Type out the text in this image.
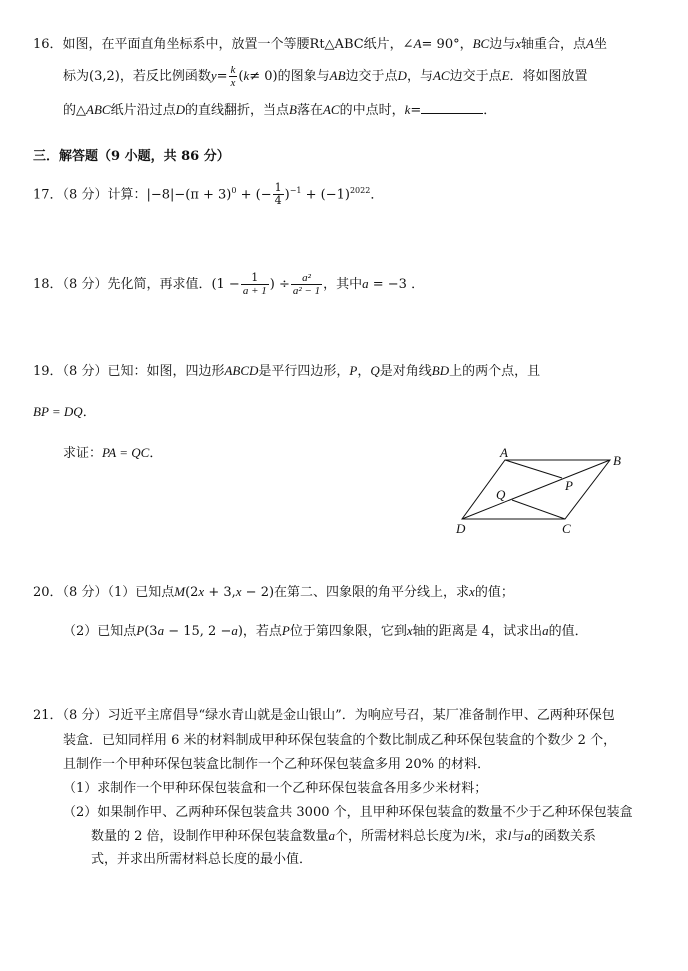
16．如图，在平面直角坐标系中，放置一个等腰Rt△ABC纸片，∠A= 90°，BC边与x轴重合，点A坐
标为(3,2)，若反比例函数$y= \frac{k}{x} (k\ne 0)$的图象与AB边交于点D，与AC边交于点E．将如图放置
的△ABC纸片沿过点D的直线翻折，当点B落在AC的中点时，k=	．
三．解答题（9 小题，共 86 分）
17．（8 分）计算：$|-8|-(\pi + 3)^0$ + (− $\frac{1}{4} )^{-1} + (-1)^{2022}$．
18．（8 分）先化简，再求值．($1 - \frac{1}{a + 1}$ ) ÷ $\frac{\text{a²}}{\text{a² − 1}}$ ，其中a = −3 ．
19．（8 分）已知：如图，四边形ABCD是平行四边形，P，Q是对角线BD上的两个点，且
BP = DQ．
求证：PA = QC．	A
B
C
D
P
Q
20．（8 分）（1）已知点M(2x + 3,x − 2)在第二、四象限的角平分线上，求x的值；
（2）已知点P(3a − 15, 2 −a)，若点P位于第四象限，它到x轴的距离是 4，试求出a的值．
21．（8 分）习近平主席倡导“绿水青山就是金山银山”．为响应号召，某厂准备制作甲、乙两种环保包
装盒．已知同样用 6 米的材料制成甲种环保包装盒的个数比制成乙种环保包装盒的个数少 2 个，
且制作一个甲种环保包装盒比制作一个乙种环保包装盒多用 20% 的材料．
（1）求制作一个甲种环保包装盒和一个乙种环保包装盒各用多少米材料；
（2）如果制作甲、乙两种环保包装盒共 3000 个，且甲种环保包装盒的数量不少于乙种环保包装盒
数量的 2 倍，设制作甲种环保包装盒数量a个，所需材料总长度为l米，求l与a的函数关系
式，并求出所需材料总长度的最小值．
